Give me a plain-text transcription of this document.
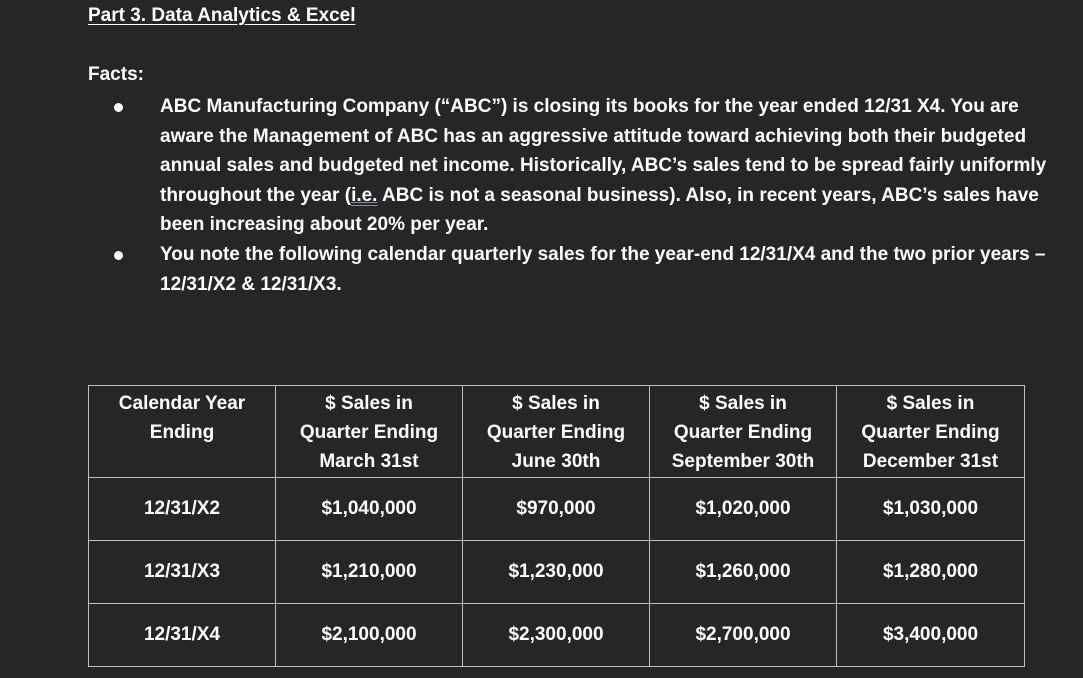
Part 3. Data Analytics & Excel
Facts:
ABC Manufacturing Company (“ABC”) is closing its books for the year ended 12/31 X4. You are aware the Management of ABC has an aggressive attitude toward achieving both their budgeted annual sales and budgeted net income. Historically, ABC’s sales tend to be spread fairly uniformly throughout the year (i.e. ABC is not a seasonal business). Also, in recent years, ABC’s sales have been increasing about 20% per year.
You note the following calendar quarterly sales for the year-end 12/31/X4 and the two prior years – 12/31/X2 & 12/31/X3.
Calendar Year
Ending	$ Sales in
Quarter Ending
March 31st	$ Sales in
Quarter Ending
June 30th	$ Sales in
Quarter Ending
September 30th	$ Sales in
Quarter Ending
December 31st

12/31/X2	$1,040,000	$970,000	$1,020,000	$1,030,000
12/31/X3	$1,210,000	$1,230,000	$1,260,000	$1,280,000
12/31/X4	$2,100,000	$2,300,000	$2,700,000	$3,400,000
